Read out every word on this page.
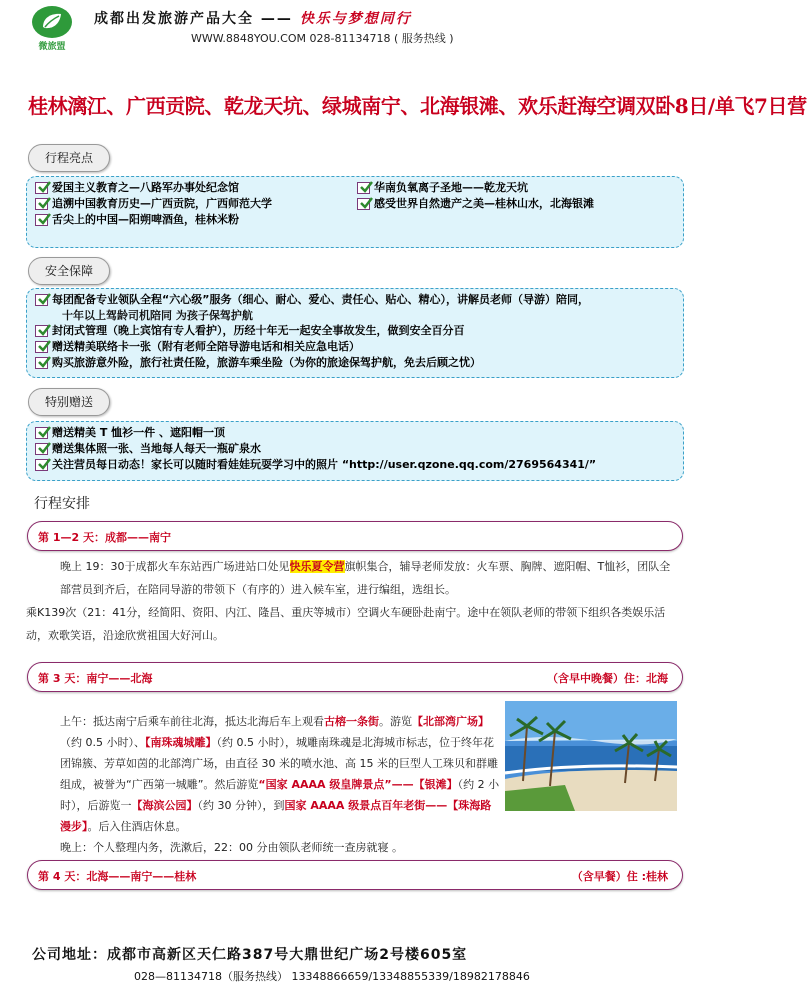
微旅盟
成都出发旅游产品大全 —— 快乐与梦想同行
WWW.8848YOU.COM 028-81134718 ( 服务热线 )
桂林漓江、广西贡院、乾龙天坑、绿城南宁、北海银滩、欢乐赶海空调双卧8日/单飞7日营
行程亮点
爱国主义教育之—八路军办事处纪念馆	华南负氧离子圣地——乾龙天坑
追溯中国教育历史—广西贡院，广西师范大学	感受世界自然遗产之美—桂林山水，北海银滩
舌尖上的中国—阳朔啤酒鱼，桂林米粉
安全保障
每团配备专业领队全程“六心级”服务（细心、耐心、爱心、责任心、贴心、精心），讲解员老师（导游）陪同，
十年以上驾龄司机陪同 为孩子保驾护航
封闭式管理（晚上宾馆有专人看护），历经十年无一起安全事故发生，做到安全百分百
赠送精美联络卡一张（附有老师全陪导游电话和相关应急电话）
购买旅游意外险，旅行社责任险，旅游车乘坐险（为你的旅途保驾护航，免去后顾之忧）
特别赠送
赠送精美 T 恤衫一件 、遮阳帽一顶
赠送集体照一张、当地每人每天一瓶矿泉水
关注营员每日动态！家长可以随时看娃娃玩耍学习中的照片 “http://user.qzone.qq.com/2769564341/”
行程安排
第 1—2 天：成都——南宁
晚上 19：30于成都火车东站西广场进站口处见快乐夏令营旗帜集合，辅导老师发放：火车票、胸牌、遮阳帽、T恤衫，团队全部营员到齐后，在陪同导游的带领下（有序的）进入候车室，进行编组，选组长。
乘K139次（21：41分，经简阳、资阳、内江、隆昌、重庆等城市）空调火车硬卧赴南宁。途中在领队老师的带领下组织各类娱乐活动，欢歌笑语，沿途欣赏祖国大好河山。
第 3 天：南宁——北海	（含早中晚餐）住：北海
上午：抵达南宁后乘车前往北海，抵达北海后车上观看古榕一条街。游览【北部湾广场】（约 0.5 小时）、【南珠魂城雕】（约 0.5 小时），城雕南珠魂是北海城市标志，位于终年花团锦簇、芳草如茵的北部湾广场，由直径 30 米的喷水池、高 15 米的巨型人工珠贝和群雕组成，被誉为“广西第一城雕”。然后游览“国家 AAAA 级皇牌景点”——【银滩】（约 2 小时），后游览一【海滨公园】（约 30 分钟），到国家 AAAA 级景点百年老街——【珠海路漫步】。后入住酒店休息。
晚上：个人整理内务，洗漱后，22：00 分由领队老师统一查房就寝 。
第 4 天：北海——南宁——桂林	（含早餐）住 :桂林
公司地址：成都市高新区天仁路387号大鼎世纪广场2号楼605室
028—81134718（服务热线） 13348866659/13348855339/18982178846
